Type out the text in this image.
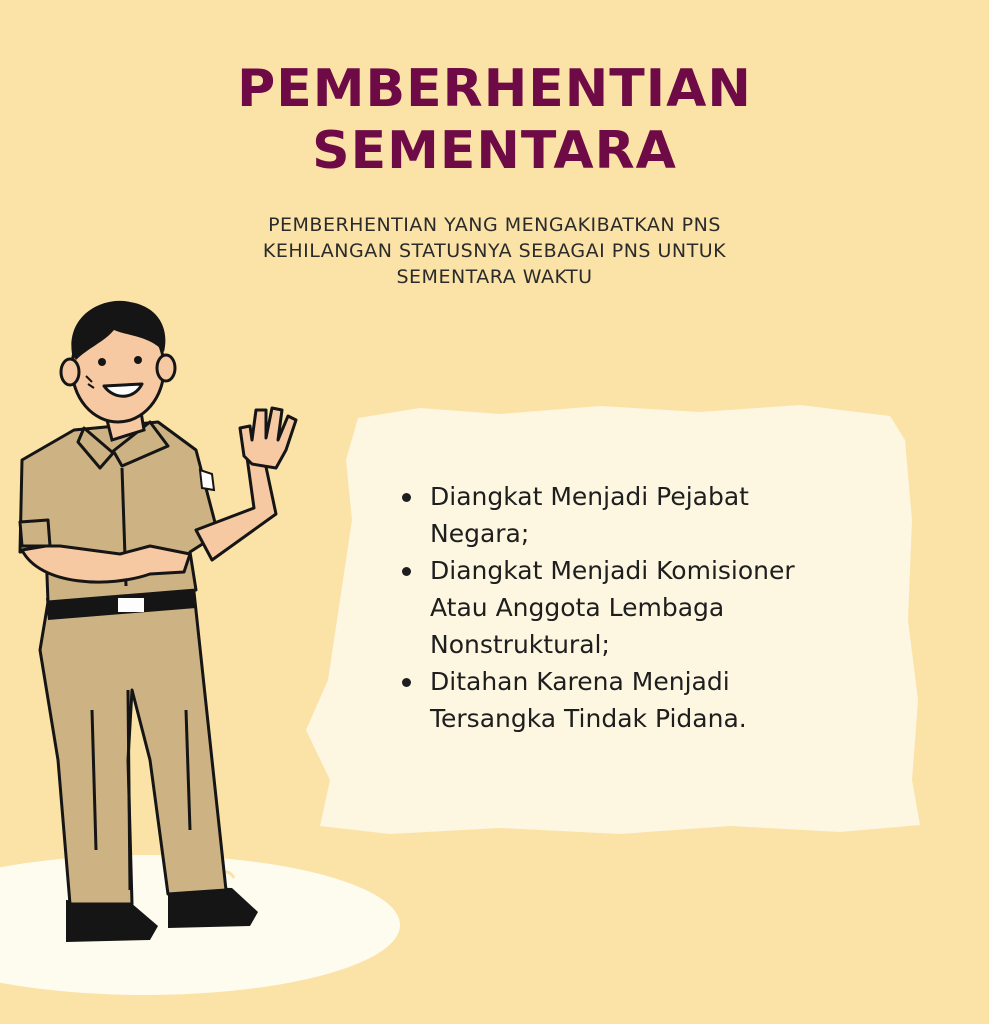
PEMBERHENTIAN
SEMENTARA
PEMBERHENTIAN YANG MENGAKIBATKAN PNS
KEHILANGAN STATUSNYA SEBAGAI PNS UNTUK
SEMENTARA WAKTU
Diangkat Menjadi Pejabat
Negara;
Diangkat Menjadi Komisioner
Atau Anggota Lembaga
Nonstruktural;
Ditahan Karena Menjadi
Tersangka Tindak Pidana.
